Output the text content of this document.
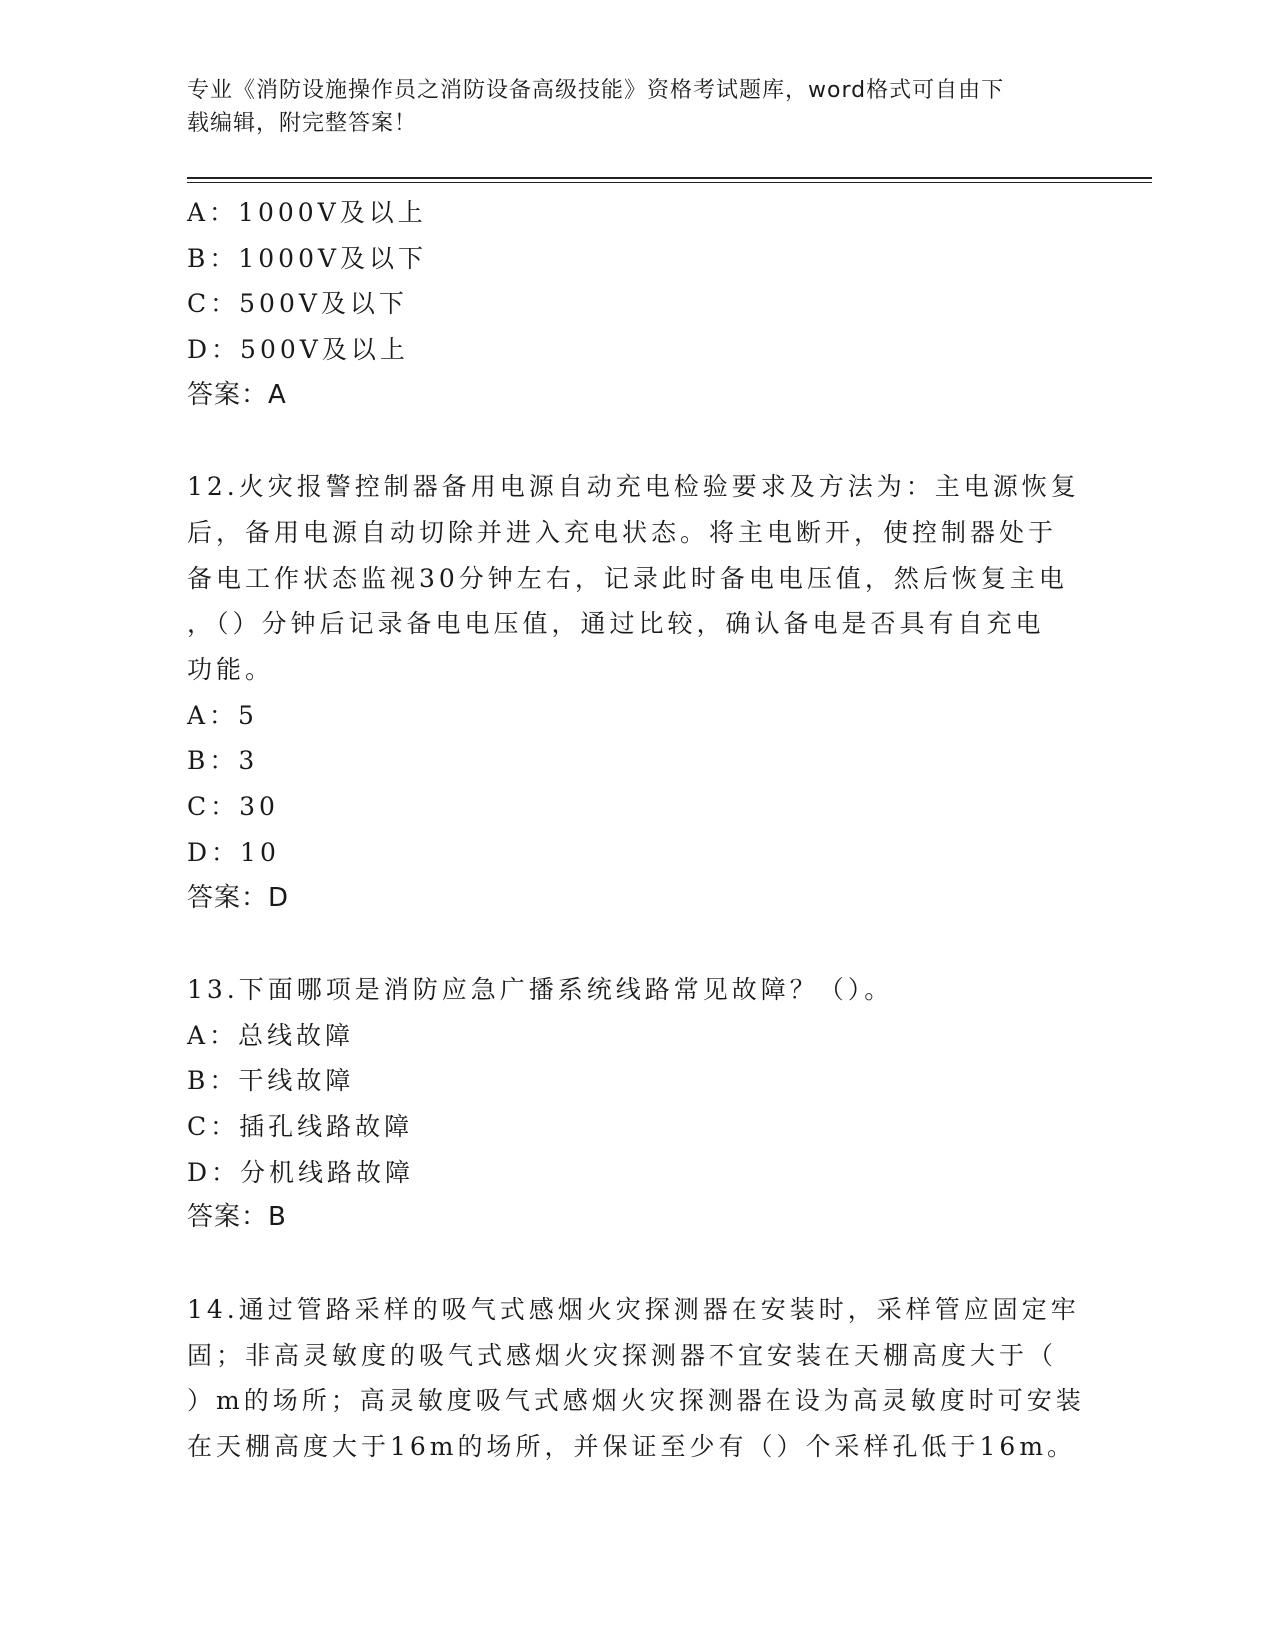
专业《消防设施操作员之消防设备高级技能》资格考试题库，word格式可自由下
载编辑，附完整答案！
A：1000V及以上
B：1000V及以下
C：500V及以下
D：500V及以上
答案：A
12.火灾报警控制器备用电源自动充电检验要求及方法为：主电源恢复
后，备用电源自动切除并进入充电状态。将主电断开，使控制器处于
备电工作状态监视30分钟左右，记录此时备电电压值，然后恢复主电
，（）分钟后记录备电电压值，通过比较，确认备电是否具有自充电
功能。
A：5
B：3
C：30
D：10
答案：D
13.下面哪项是消防应急广播系统线路常见故障？（）。
A：总线故障
B：干线故障
C：插孔线路故障
D：分机线路故障
答案：B
14.通过管路采样的吸气式感烟火灾探测器在安装时，采样管应固定牢
固；非高灵敏度的吸气式感烟火灾探测器不宜安装在天棚高度大于（
）m的场所；高灵敏度吸气式感烟火灾探测器在设为高灵敏度时可安装
在天棚高度大于16m的场所，并保证至少有（）个采样孔低于16m。
